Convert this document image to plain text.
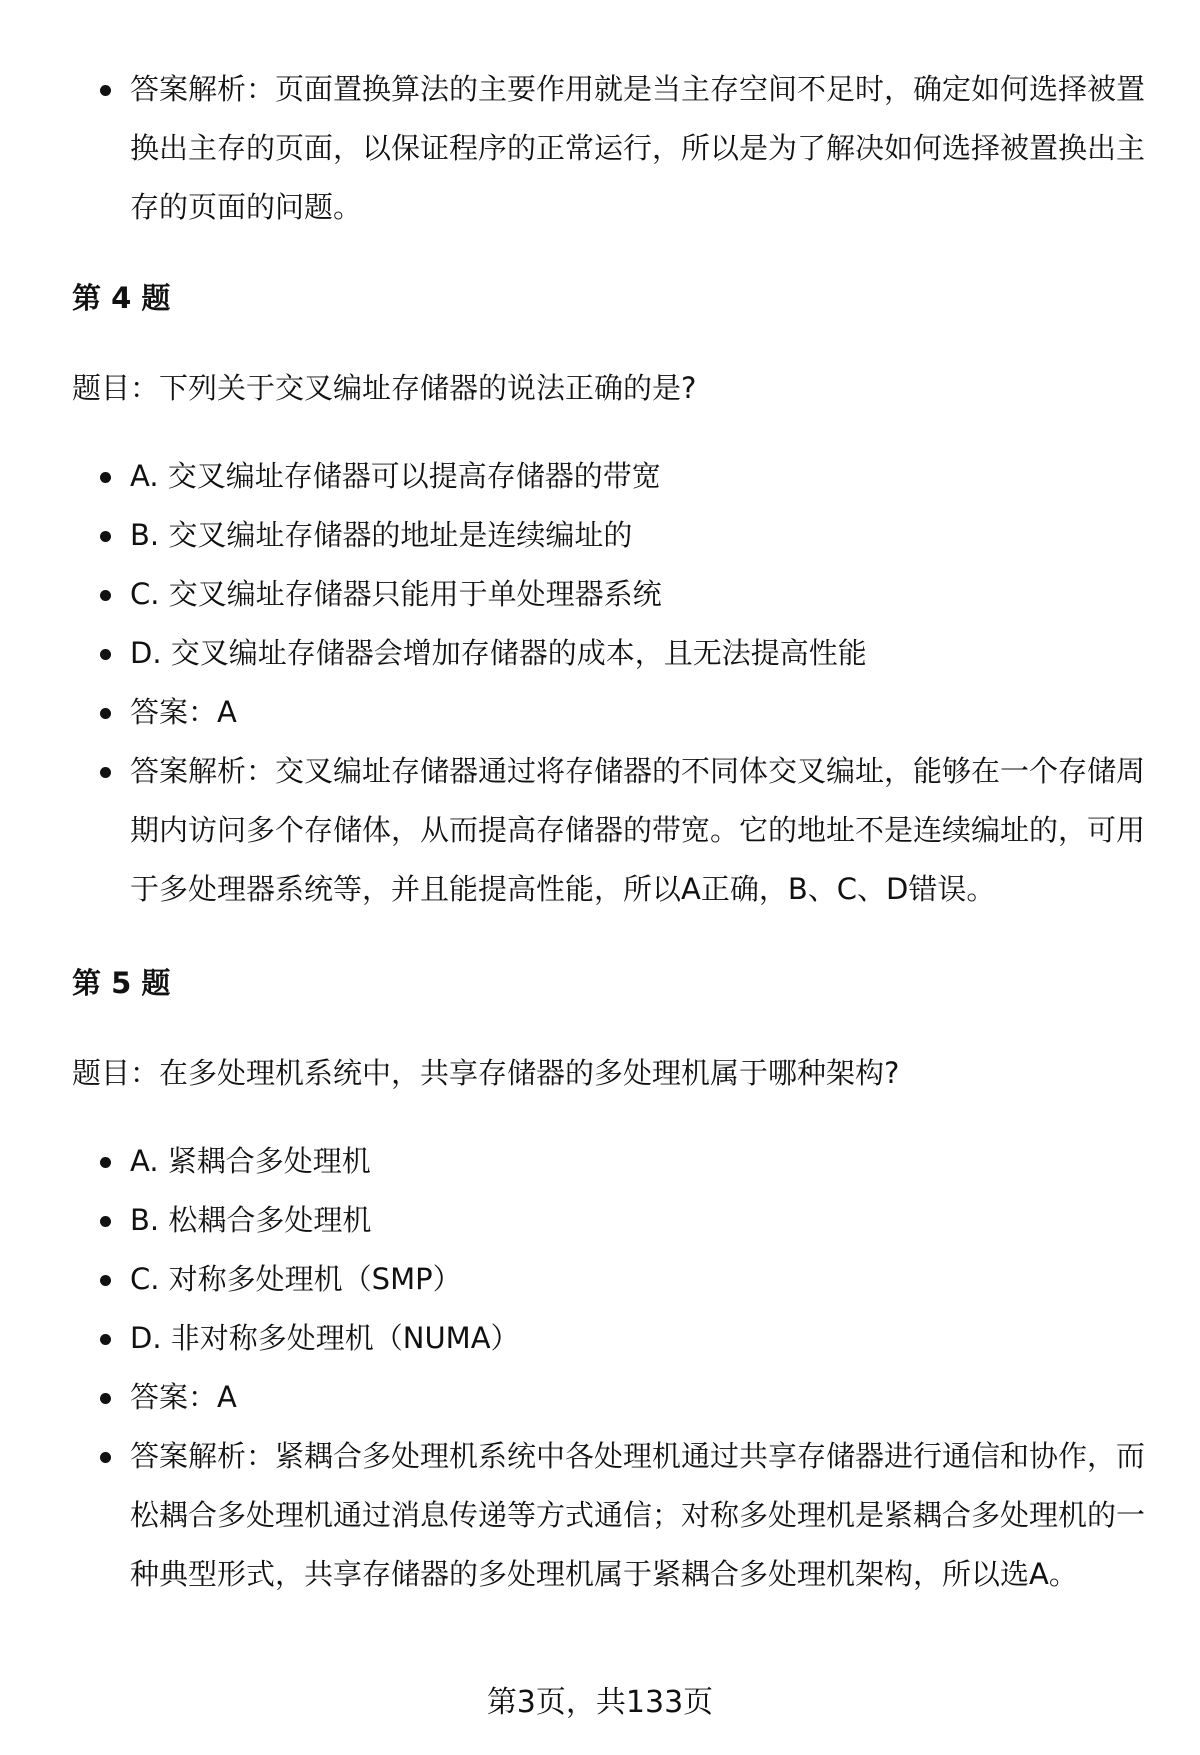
答案解析：页面置换算法的主要作用就是当主存空间不足时，确定如何选择被置换出主存的页面，以保证程序的正常运行，所以是为了解决如何选择被置换出主存的页面的问题。
第 4 题
题目：下列关于交叉编址存储器的说法正确的是?
A. 交叉编址存储器可以提高存储器的带宽
B. 交叉编址存储器的地址是连续编址的
C. 交叉编址存储器只能用于单处理器系统
D. 交叉编址存储器会增加存储器的成本，且无法提高性能
答案：A
答案解析：交叉编址存储器通过将存储器的不同体交叉编址，能够在一个存储周期内访问多个存储体，从而提高存储器的带宽。它的地址不是连续编址的，可用于多处理器系统等，并且能提高性能，所以A正确，B、C、D错误。
第 5 题
题目：在多处理机系统中，共享存储器的多处理机属于哪种架构?
A. 紧耦合多处理机
B. 松耦合多处理机
C. 对称多处理机（SMP）
D. 非对称多处理机（NUMA）
答案：A
答案解析：紧耦合多处理机系统中各处理机通过共享存储器进行通信和协作，而松耦合多处理机通过消息传递等方式通信；对称多处理机是紧耦合多处理机的一种典型形式，共享存储器的多处理机属于紧耦合多处理机架构，所以选A。
第3页，共133页
